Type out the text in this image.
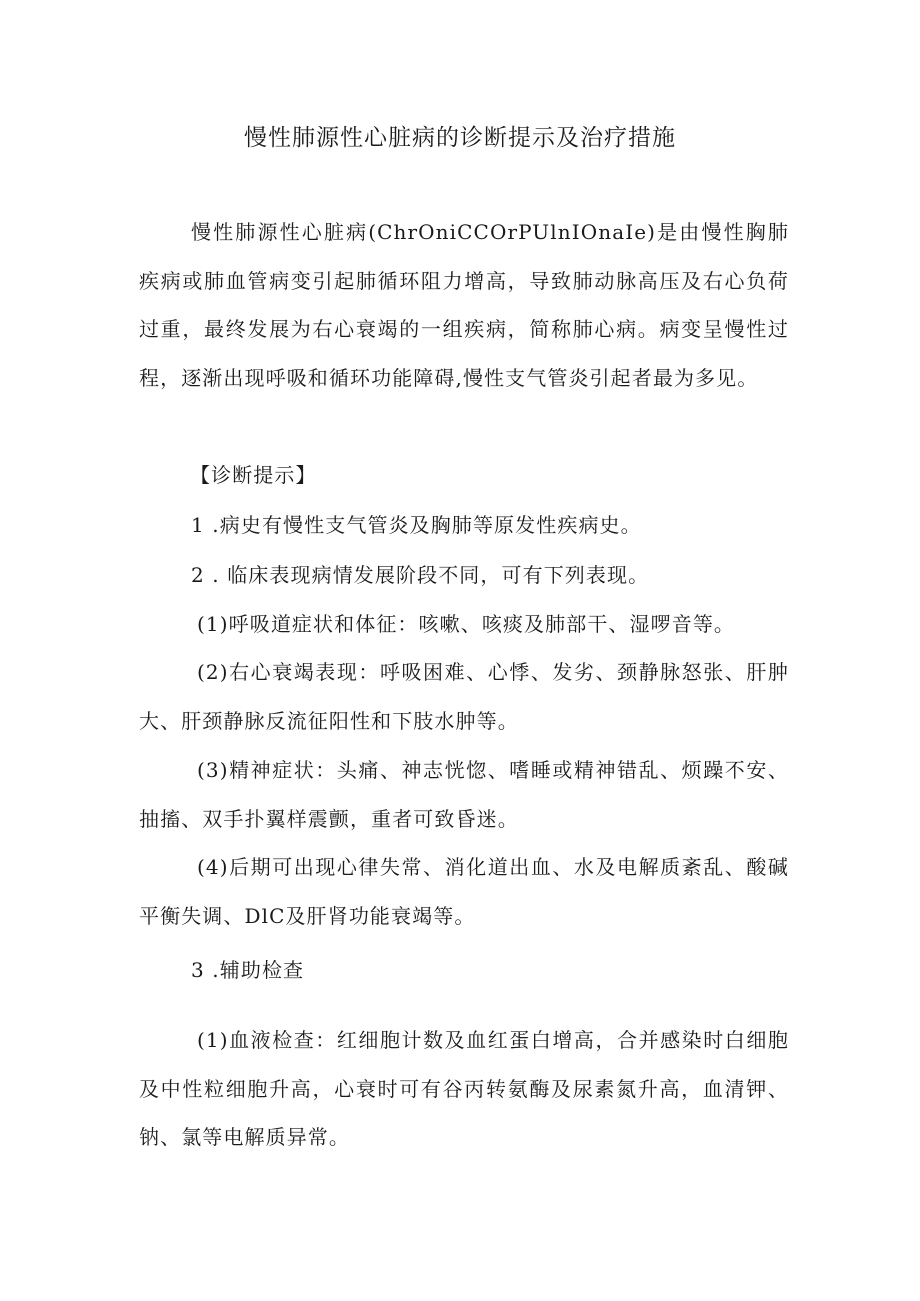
慢性肺源性心脏病的诊断提示及治疗措施

慢性肺源性心脏病(ChrOniCCOrPUlnIOnaIe)是由慢性胸肺疾病或肺血管病变引起肺循环阻力增高，导致肺动脉高压及右心负荷过重，最终发展为右心衰竭的一组疾病，简称肺心病。病变呈慢性过程，逐渐出现呼吸和循环功能障碍,慢性支气管炎引起者最为多见。

【诊断提示】

1 .病史有慢性支气管炎及胸肺等原发性疾病史。

2 . 临床表现病情发展阶段不同，可有下列表现。

(1)呼吸道症状和体征：咳嗽、咳痰及肺部干、湿啰音等。

(2)右心衰竭表现：呼吸困难、心悸、发劣、颈静脉怒张、肝肿大、肝颈静脉反流征阳性和下肢水肿等。

(3)精神症状：头痛、神志恍惚、嗜睡或精神错乱、烦躁不安、抽搐、双手扑翼样震颤，重者可致昏迷。

(4)后期可出现心律失常、消化道出血、水及电解质紊乱、酸碱平衡失调、DlC及肝肾功能衰竭等。

3 .辅助检查

(1)血液检查：红细胞计数及血红蛋白增高，合并感染时白细胞及中性粒细胞升高，心衰时可有谷丙转氨酶及尿素氮升高，血清钾、钠、氯等电解质异常。
